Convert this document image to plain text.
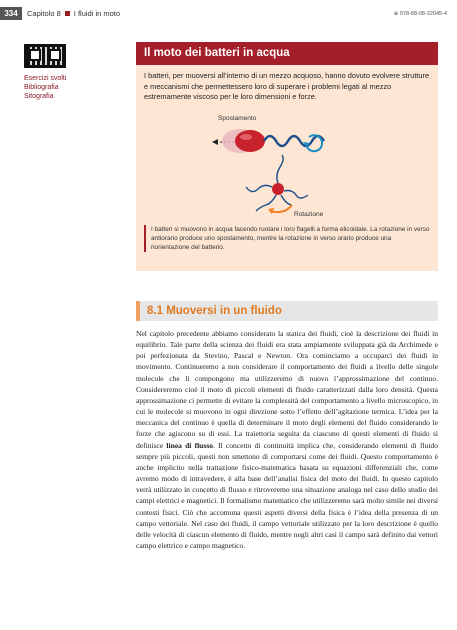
334	Capitolo 8 I fluidi in moto	⊕ 978-88-08-32045-4
Esercizi svolti
Bibliografia
Sitografia
Il moto dei batteri in acqua
I batteri, per muoversi all’interno di un mezzo acquoso, hanno dovuto evolvere strutture e meccanismi che permettessero loro di superare i problemi legati al mezzo estremamente viscoso per le loro dimensioni e forze.
Spostamento
Rotazione
I batteri si muovono in acqua facendo ruotare i loro flagelli a forma elicoidale. La rotazione in verso antiorario produce uno spostamento, mentre la rotazione in verso orario produce una riorientazione del batterio.
8.1 Muoversi in un fluido

Nel capitolo precedente abbiamo considerato la statica dei fluidi, cioè la descrizione dei fluidi in equilibrio. Tale parte della scienza dei fluidi era stata ampiamente sviluppata già da Archimede e poi perfezionata da Stevino, Pascal e Newton. Ora cominciamo a occuparci dei fluidi in movimento. Continueremo a non considerare il comportamento dei fluidi a livello delle singole molecole che li compongono ma utilizzeremo di nuovo l’approssimazione del continuo. Considereremo cioè il moto di piccoli elementi di fluido caratterizzati dalla loro densità. Questa approssimazione ci permette di evitare la complessità del comportamento a livello microscopico, in cui le molecole si muovono in ogni direzione sotto l’effetto dell’agitazione termica. L’idea per la meccanica del continuo è quella di determinare il moto degli elementi del fluido considerando le forze che agiscono su di essi. La traiettoria seguita da ciascuno di questi elementi di fluido si definisce linea di flusso. Il concetto di continuità implica che, considerando elementi di fluido sempre più piccoli, questi non smettono di comportarsi come dei fluidi. Questo comportamento è anche implicito nella trattazione fisico-matematica basata su equazioni differenziali che, come avremo modo di intravedere, è alla base dell’analisi fisica del moto dei fluidi. In questo capitolo verrà utilizzato in concetto di flusso e ritroveremo una situazione analoga nel caso dello studio dei campi elettrici e magnetici. Il formalismo matematico che utilizzeremo sarà molto simile nei diversi contesti fisici. Ciò che accomuna questi aspetti diversi della fisica è l’idea della presenza di un campo vettoriale. Nel caso dei fluidi, il campo vettoriale utilizzato per la loro descrizione è quello delle velocità di ciascun elemento di fluido, mentre negli altri casi il campo sarà definito dai vettori campo elettrico e campo magnetico.
